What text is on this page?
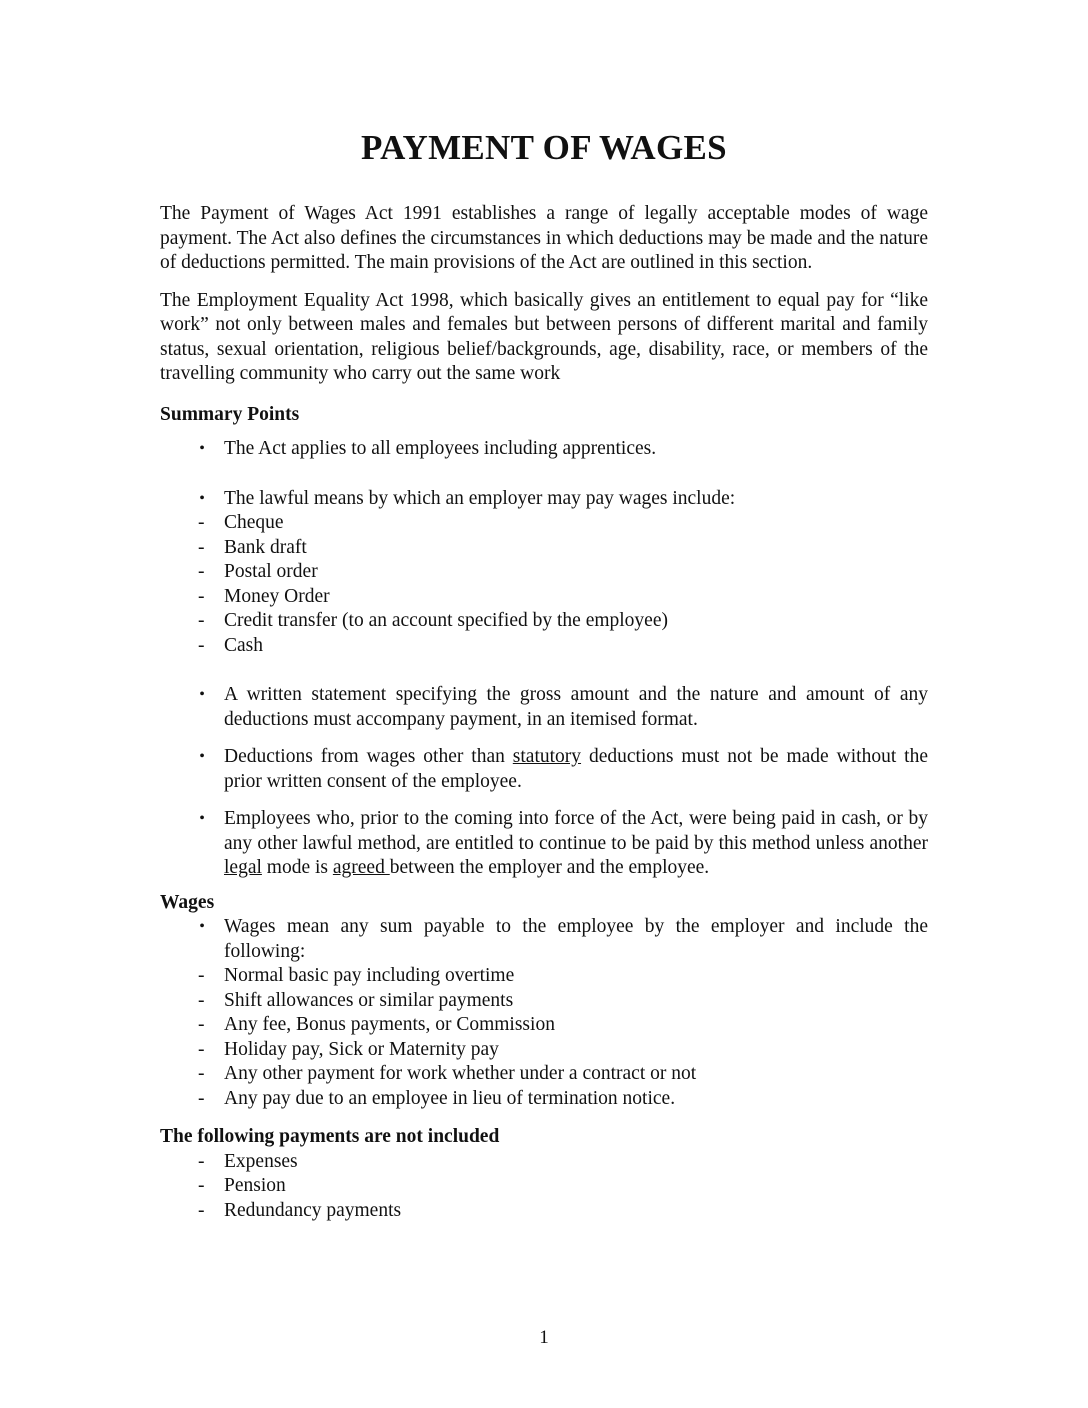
PAYMENT OF WAGES

The Payment of Wages Act 1991 establishes a range of legally acceptable modes of wage payment. The Act also defines the circumstances in which deductions may be made and the nature of deductions permitted. The main provisions of the Act are outlined in this section.

The Employment Equality Act 1998, which basically gives an entitlement to equal pay for “like work” not only between males and females but between persons of different marital and family status, sexual orientation, religious belief/backgrounds, age, disability, race, or members of the travelling community who carry out the same work

Summary Points
• The Act applies to all employees including apprentices.
• The lawful means by which an employer may pay wages include:
- Cheque
- Bank draft
- Postal order
- Money Order
- Credit transfer (to an account specified by the employee)
- Cash
• A written statement specifying the gross amount and the nature and amount of any deductions must accompany payment, in an itemised format.
• Deductions from wages other than statutory deductions must not be made without the prior written consent of the employee.
• Employees who, prior to the coming into force of the Act, were being paid in cash, or by any other lawful method, are entitled to continue to be paid by this method unless another legal mode is agreed between the employer and the employee.
Wages
• Wages mean any sum payable to the employee by the employer and include the following:
- Normal basic pay including overtime
- Shift allowances or similar payments
- Any fee, Bonus payments, or Commission
- Holiday pay, Sick or Maternity pay
- Any other payment for work whether under a contract or not
- Any pay due to an employee in lieu of termination notice.
The following payments are not included
- Expenses
- Pension
- Redundancy payments
1
